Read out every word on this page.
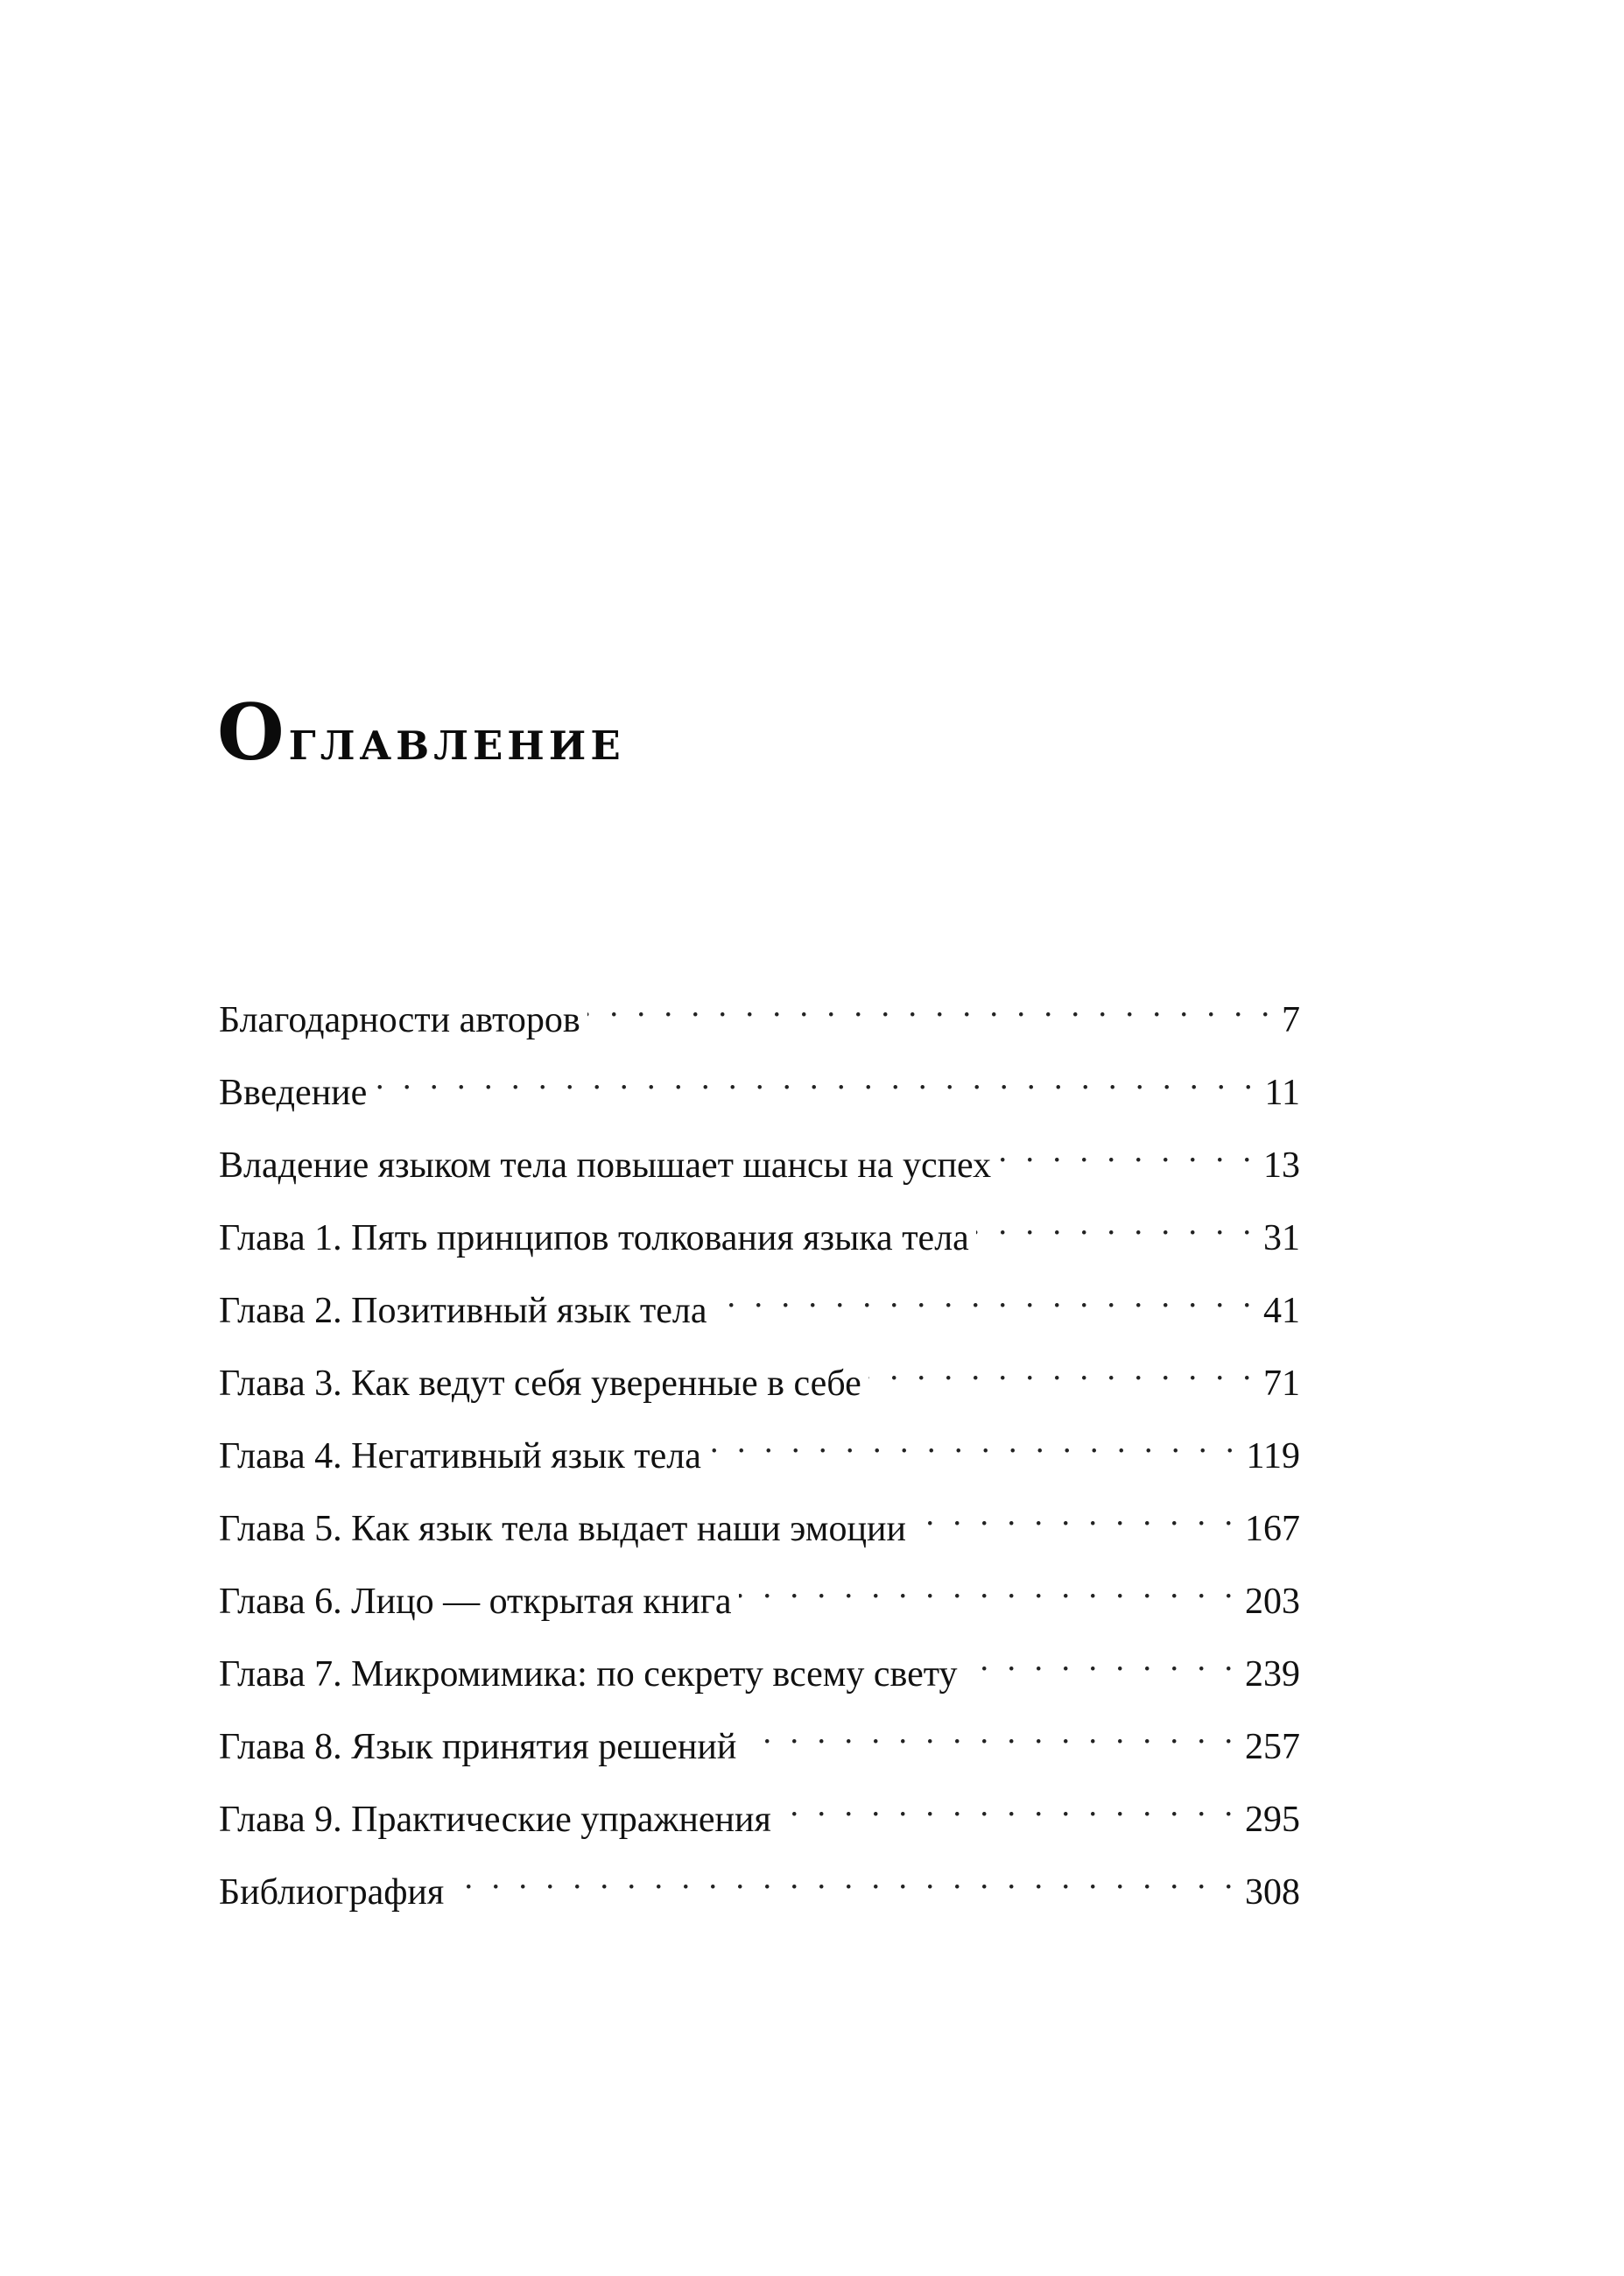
Оглавление
Благодарности авторов . . .	7
Введение . . .	11
Владение языком тела повышает шансы на успех . . .	13
Глава 1. Пять принципов толкования языка тела . . .	31
Глава 2. Позитивный язык тела . . .	41
Глава 3. Как ведут себя уверенные в себе . . .	71
Глава 4. Негативный язык тела . . .	119
Глава 5. Как язык тела выдает наши эмоции . . .	167
Глава 6. Лицо — открытая книга . . .	203
Глава 7. Микромимика: по секрету всему свету . . .	239
Глава 8. Язык принятия решений . . .	257
Глава 9. Практические упражнения . . .	295
Библиография . . .	308
